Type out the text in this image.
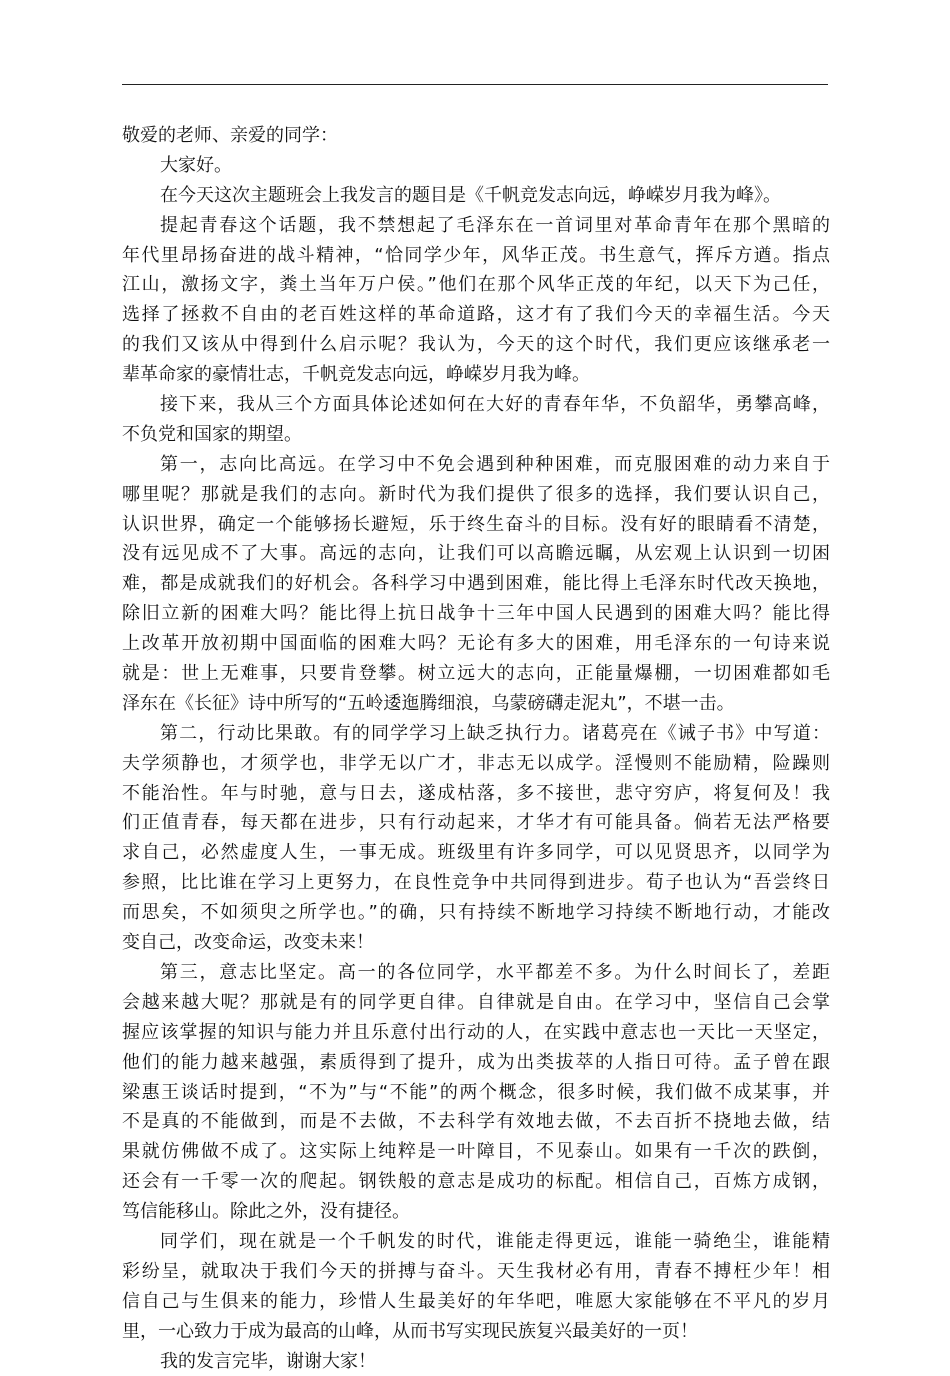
敬爱的老师、亲爱的同学：
大家好。
在今天这次主题班会上我发言的题目是《千帆竞发志向远，峥嵘岁月我为峰》。
提起青春这个话题，我不禁想起了毛泽东在一首词里对革命青年在那个黑暗的
年代里昂扬奋进的战斗精神，“恰同学少年，风华正茂。书生意气，挥斥方遒。指点
江山，激扬文字，粪土当年万户侯。”他们在那个风华正茂的年纪，以天下为己任，
选择了拯救不自由的老百姓这样的革命道路，这才有了我们今天的幸福生活。今天
的我们又该从中得到什么启示呢？我认为，今天的这个时代，我们更应该继承老一
辈革命家的豪情壮志，千帆竞发志向远，峥嵘岁月我为峰。
接下来，我从三个方面具体论述如何在大好的青春年华，不负韶华，勇攀高峰，
不负党和国家的期望。
第一，志向比高远。在学习中不免会遇到种种困难，而克服困难的动力来自于
哪里呢？那就是我们的志向。新时代为我们提供了很多的选择，我们要认识自己，
认识世界，确定一个能够扬长避短，乐于终生奋斗的目标。没有好的眼睛看不清楚，
没有远见成不了大事。高远的志向，让我们可以高瞻远瞩，从宏观上认识到一切困
难，都是成就我们的好机会。各科学习中遇到困难，能比得上毛泽东时代改天换地，
除旧立新的困难大吗？能比得上抗日战争十三年中国人民遇到的困难大吗？能比得
上改革开放初期中国面临的困难大吗？无论有多大的困难，用毛泽东的一句诗来说
就是：世上无难事，只要肯登攀。树立远大的志向，正能量爆棚，一切困难都如毛
泽东在《长征》诗中所写的“五岭逶迤腾细浪，乌蒙磅礴走泥丸”，不堪一击。
第二，行动比果敢。有的同学学习上缺乏执行力。诸葛亮在《诫子书》中写道：
夫学须静也，才须学也，非学无以广才，非志无以成学。淫慢则不能励精，险躁则
不能治性。年与时驰，意与日去，遂成枯落，多不接世，悲守穷庐，将复何及！我
们正值青春，每天都在进步，只有行动起来，才华才有可能具备。倘若无法严格要
求自己，必然虚度人生，一事无成。班级里有许多同学，可以见贤思齐，以同学为
参照，比比谁在学习上更努力，在良性竞争中共同得到进步。荀子也认为“吾尝终日
而思矣，不如须臾之所学也。”的确，只有持续不断地学习持续不断地行动，才能改
变自己，改变命运，改变未来！
第三，意志比坚定。高一的各位同学，水平都差不多。为什么时间长了，差距
会越来越大呢？那就是有的同学更自律。自律就是自由。在学习中，坚信自己会掌
握应该掌握的知识与能力并且乐意付出行动的人，在实践中意志也一天比一天坚定，
他们的能力越来越强，素质得到了提升，成为出类拔萃的人指日可待。孟子曾在跟
梁惠王谈话时提到，“不为”与“不能”的两个概念，很多时候，我们做不成某事，并
不是真的不能做到，而是不去做，不去科学有效地去做，不去百折不挠地去做，结
果就仿佛做不成了。这实际上纯粹是一叶障目，不见泰山。如果有一千次的跌倒，
还会有一千零一次的爬起。钢铁般的意志是成功的标配。相信自己，百炼方成钢，
笃信能移山。除此之外，没有捷径。
同学们，现在就是一个千帆发的时代，谁能走得更远，谁能一骑绝尘，谁能精
彩纷呈，就取决于我们今天的拼搏与奋斗。天生我材必有用，青春不搏枉少年！相
信自己与生俱来的能力，珍惜人生最美好的年华吧，唯愿大家能够在不平凡的岁月
里，一心致力于成为最高的山峰，从而书写实现民族复兴最美好的一页！
我的发言完毕，谢谢大家！
